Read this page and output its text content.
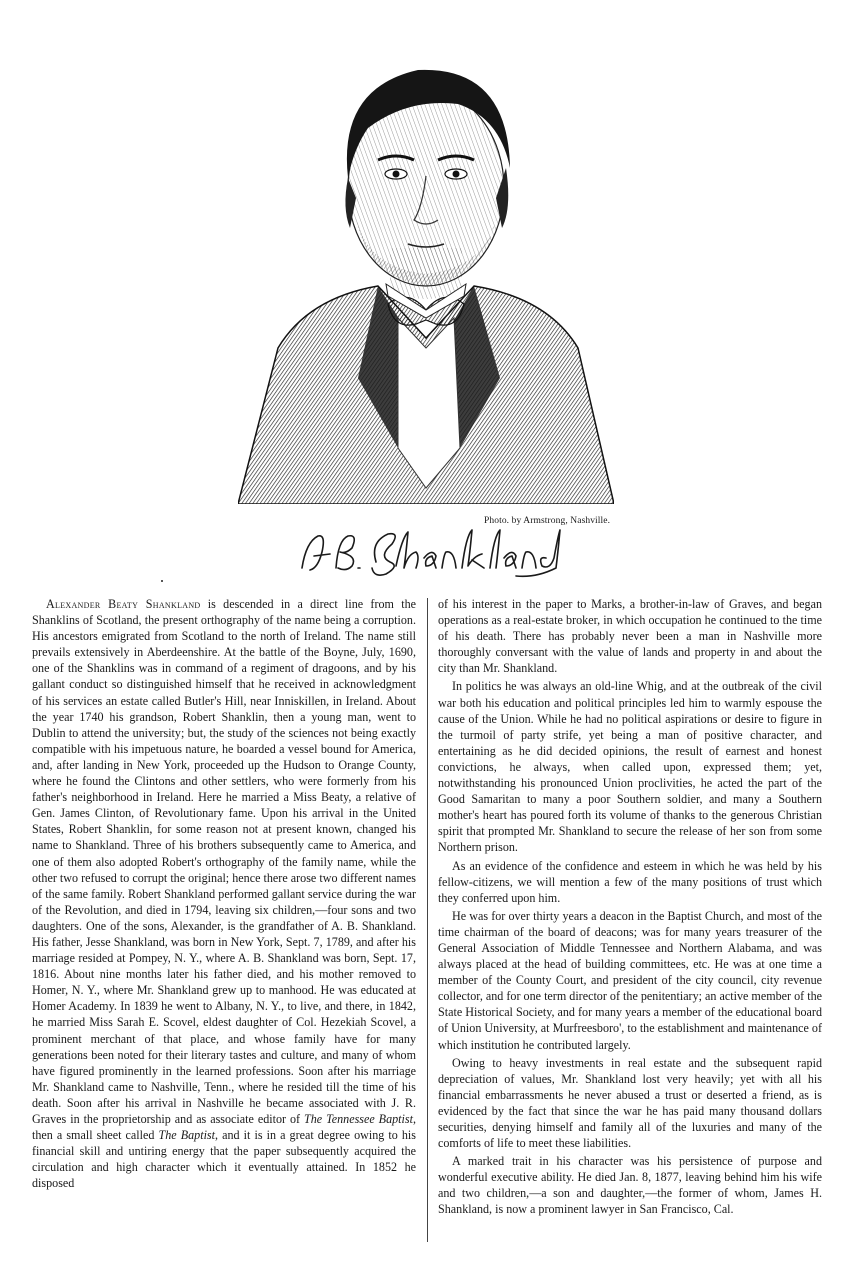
Photo. by Armstrong, Nashville.

Alexander Beaty Shankland is descended in a direct line from the Shanklins of Scotland, the present orthography of the name being a corruption. His ancestors emigrated from Scotland to the north of Ireland. The name still prevails extensively in Aberdeenshire. At the battle of the Boyne, July, 1690, one of the Shanklins was in command of a regiment of dragoons, and by his gallant conduct so distinguished himself that he received in acknowledgment of his services an estate called Butler's Hill, near Inniskillen, in Ireland. About the year 1740 his grandson, Robert Shanklin, then a young man, went to Dublin to attend the university; but, the study of the sciences not being exactly compatible with his impetuous nature, he boarded a vessel bound for America, and, after landing in New York, proceeded up the Hudson to Orange County, where he found the Clintons and other settlers, who were formerly from his father's neighborhood in Ireland. Here he married a Miss Beaty, a relative of Gen. James Clinton, of Revolutionary fame. Upon his arrival in the United States, Robert Shanklin, for some reason not at present known, changed his name to Shankland. Three of his brothers subsequently came to America, and one of them also adopted Robert's orthography of the family name, while the other two refused to corrupt the original; hence there arose two different names of the same family. Robert Shankland performed gallant service during the war of the Revolution, and died in 1794, leaving six children,—four sons and two daughters. One of the sons, Alexander, is the grandfather of A. B. Shankland. His father, Jesse Shankland, was born in New York, Sept. 7, 1789, and after his marriage resided at Pompey, N. Y., where A. B. Shankland was born, Sept. 17, 1816. About nine months later his father died, and his mother removed to Homer, N. Y., where Mr. Shankland grew up to manhood. He was educated at Homer Academy. In 1839 he went to Albany, N. Y., to live, and there, in 1842, he married Miss Sarah E. Scovel, eldest daughter of Col. Hezekiah Scovel, a prominent merchant of that place, and whose family have for many generations been noted for their literary tastes and culture, and many of whom have figured prominently in the learned professions. Soon after his marriage Mr. Shankland came to Nashville, Tenn., where he resided till the time of his death. Soon after his arrival in Nashville he became associated with J. R. Graves in the proprietorship and as associate editor of The Tennessee Baptist, then a small sheet called The Baptist, and it is in a great degree owing to his financial skill and untiring energy that the paper subsequently acquired the circulation and high character which it eventually attained. In 1852 he disposed

of his interest in the paper to Marks, a brother-in-law of Graves, and began operations as a real-estate broker, in which occupation he continued to the time of his death. There has probably never been a man in Nashville more thoroughly conversant with the value of lands and property in and about the city than Mr. Shankland.

In politics he was always an old-line Whig, and at the outbreak of the civil war both his education and political principles led him to warmly espouse the cause of the Union. While he had no political aspirations or desire to figure in the turmoil of party strife, yet being a man of positive character, and entertaining as he did decided opinions, the result of earnest and honest convictions, he always, when called upon, expressed them; yet, notwithstanding his pronounced Union proclivities, he acted the part of the Good Samaritan to many a poor Southern soldier, and many a Southern mother's heart has poured forth its volume of thanks to the generous Christian spirit that prompted Mr. Shankland to secure the release of her son from some Northern prison.

As an evidence of the confidence and esteem in which he was held by his fellow-citizens, we will mention a few of the many positions of trust which they conferred upon him.

He was for over thirty years a deacon in the Baptist Church, and most of the time chairman of the board of deacons; was for many years treasurer of the General Association of Middle Tennessee and Northern Alabama, and was always placed at the head of building committees, etc. He was at one time a member of the County Court, and president of the city council, city revenue collector, and for one term director of the penitentiary; an active member of the State Historical Society, and for many years a member of the educational board of Union University, at Murfreesboro', to the establishment and maintenance of which institution he contributed largely.

Owing to heavy investments in real estate and the subsequent rapid depreciation of values, Mr. Shankland lost very heavily; yet with all his financial embarrassments he never abused a trust or deserted a friend, as is evidenced by the fact that since the war he has paid many thousand dollars securities, denying himself and family all of the luxuries and many of the comforts of life to meet these liabilities.

A marked trait in his character was his persistence of purpose and wonderful executive ability. He died Jan. 8, 1877, leaving behind him his wife and two children,—a son and daughter,—the former of whom, James H. Shankland, is now a prominent lawyer in San Francisco, Cal.
